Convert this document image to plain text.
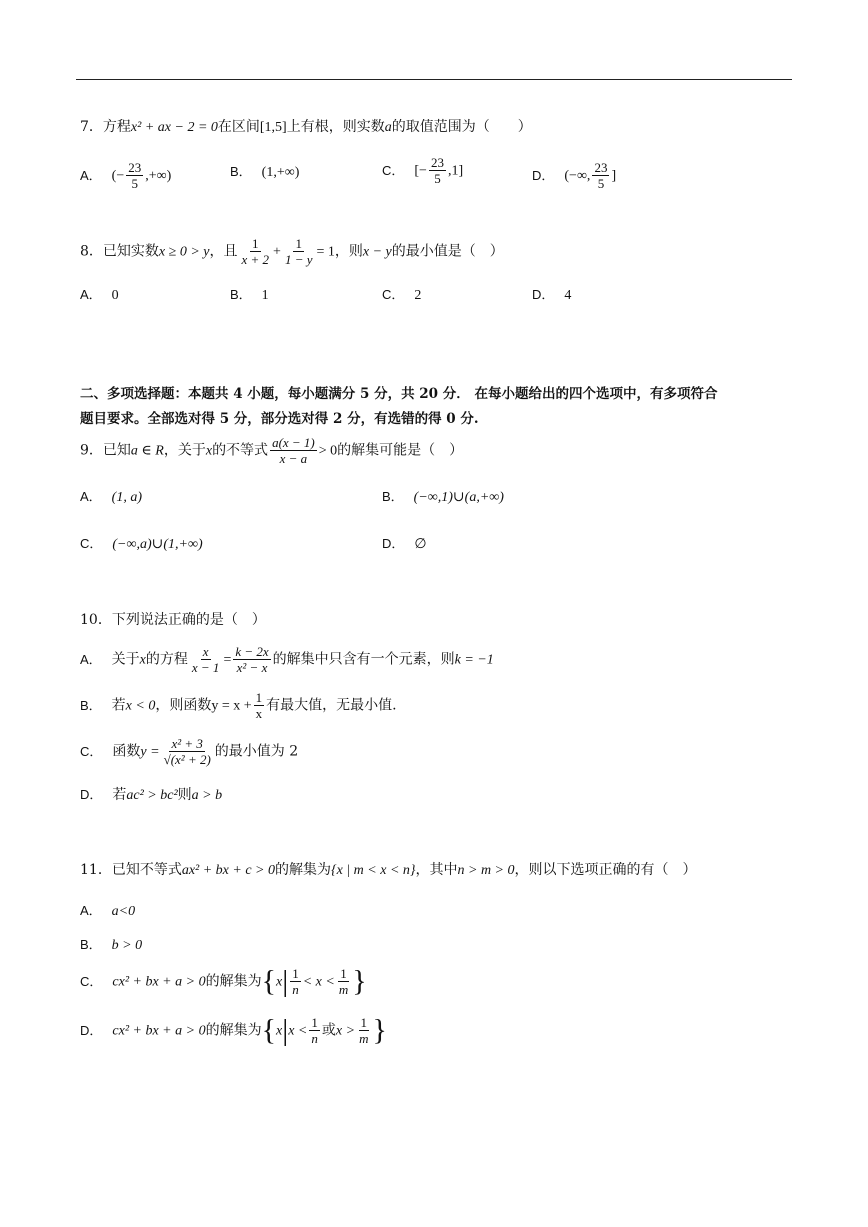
7．方程x² + ax − 2 = 0在区间[1,5]上有根，则实数a的取值范围为（　　）
A． (− $\frac{23}{5}$ ,+∞)	B． (1,+∞)	C． [− $\frac{23}{5} ,1$]	D． (−∞, $\frac{23}{5}$ ]
8．已知实数x ≥ 0 > y，且 $\frac{1}{x + 2} + \frac{1}{1 - y} = 1$，则x − y的最小值是（　）
A． 0	B． 1	C． 2	D． 4
二、多项选择题：本题共 4 小题，每小题满分 5 分，共 20 分． 在每小题给出的四个选项中，有多项符合
题目要求。全部选对得 5 分，部分选对得 2 分，有选错的得 0 分.
9．已知a ∈ R，关于x的不等式 $\frac{a(x - 1)}{x - a} > 0$的解集可能是（　）
A． (1, a)	B． (−∞,1)∪(a,+∞)
C． (−∞,a)∪(1,+∞)	D． ∅
10．下列说法正确的是（　）
A． 关于x的方程 $\frac{x}{x - 1} = \frac{k - 2x}{\text{x² − x}}$ 的解集中只含有一个元素，则k = −1
B． 若x < 0，则函数$y = x + \frac{1}{x}$ 有最大值，无最小值.
C． 函数$y = \frac{\text{x² + 3}}{\text{√(x² + 2)}}$ 的最小值为 2
D． 若ac² > bc²则a > b
11．已知不等式ax² + bx + c > 0的解集为{x | m < x < n}，其中n > m > 0，则以下选项正确的有（　）
A． a<0
B． b > 0
C． cx² + bx + a > 0的解集为{$x| \frac{1}{n} < x < \frac{1}{m}$ }
D． cx² + bx + a > 0的解集为{$x|x < \frac{1}{n}$ 或$x > \frac{1}{m}$ }
